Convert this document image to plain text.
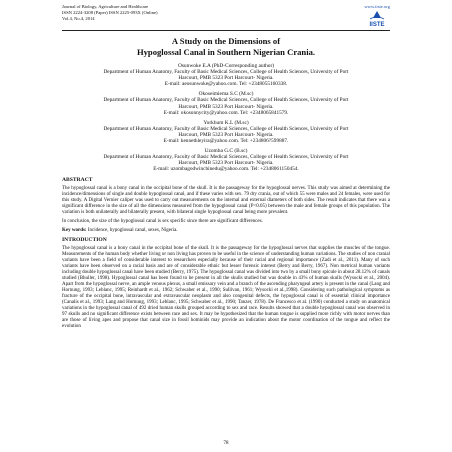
Journal of Biology, Agriculture and Healthcare
ISSN 2224-3208 (Paper) ISSN 2225-093X (Online)
Vol.4, No.4, 2014
www.iiste.org
IISTE
A Study on the Dimensions of
Hypoglossal Canal in Southern Nigerian Crania.
Osunwoke E.A (PhD-Corresponding author)
Department of Human Anatomy, Faculty of Basic Medical Sciences, College of Health Sciences, University of Port
Harcourt, PMB 5323 Port Harcourt- Nigeria.
E-mail: aeosunwoke@yahoo.com. Tel: +2348055160338.
Okoseimiema S.C (M.sc)
Department of Human Anatomy, Faculty of Basic Medical Sciences, College of Health Sciences, University of Port
Harcourt, PMB 5323 Port Harcourt- Nigeria.
E-mail: okosonnycity@yahoo.com. Tel: +2348065841579.
Yorkhum K.L (M.sc)
Department of Human Anatomy, Faculty of Basic Medical Sciences, College of Health Sciences, University of Port
Harcourt, PMB 5323 Port Harcourt- Nigeria.
E-mail: kennethleyira@yahoo.com. Tel: +234806?599887.
Uzomba G.C (B.sc)
Department of Human Anatomy, Faculty of Basic Medical Sciences, College of Health Sciences, University of Port
Harcourt, PMB 5323 Port Harcourt- Nigeria.
E-mail: uzombagodwinchinedu@yahoo.com. Tel: +2348061150454.
ABSTRACT

The hypoglossal canal is a bony canal in the occipital bone of the skull. It is the passageway for the hypoglossal nerves. This study was aimed at determining the incidence/dimensions of single and double hypoglossal canal, and if these varies with sex. 79 dry crania, out of which 55 were males and 24 females, were used for this study. A Digital Vernier caliper was used to carry out measurements on the internal and external diameters of both sides. The result indicates that there was a significant difference in the size of all the dimensions measured from the hypoglossal canal (P<0.05) between the male and female groups of this population. The variation is both unilaterally and bilaterally present, with bilateral single hypoglossal canal being more prevalent.

In conclusion, the size of the hypoglossal canal is sex specific since there are significant differences.

Key words: Incidence, hypoglossal canal, sexes, Nigeria.

INTRODUCTION

The hypoglossal canal is a bony canal in the occipital bone of the skull. It is the passageway for the hypoglossal nerves that supplies the muscles of the tongue. Measurements of the human body whether living or non living has proven to be useful in the science of understanding human variations. The studies of non cranial variants have been a field of considerable interest to researchers especially because of their racial and regional importance (Zadi et al., 2011). Many of such variants have been observed on a racial basis and are of considerable ethnic but lesser forensic interest (Berry and Berry, 1967). Non metrical human variants including double hypoglossal canal have been studied (Berry, 1975). The hypoglossal canal was divided into two by a small bony spicule in about 28.12% of canals studied (Bhuller, 1998). Hypoglossal canal has been found to be present in all the skulls studied but was double in 43% of human skulls (Wysocki et al., 2004). Apart from the hypoglossal nerve, an ample venous plexus, a small emissary vein and a branch of the ascending pharyngeal artery is present in the canal (Lang and Hornung, 1993; Leblanc, 1995; Reinhardt et al., 1962; Schwaber et al., 1990; Sullivan, 1961; Wysocki et al.,1998). Considering such pathological symptoms as fracture of the occipital bone, intravascular and extravascular neoplasm and also congenital defects, the hypoglossal canal is of essential clinical importance (Canalis et al., 1993; Lang and Hornung, 1993; Leblanc, 1995; Schwaber et al., 1990; Tanzer, 1978). De Francesco et al. (1990) conducted a study on anatomical variations in the hypoglossal canal of 492 dried human skulls grouped according to sex and race. Results showed that a double hypoglossal canal was observed in 97 skulls and no significant difference exists between race and sex. It may be hypothesized that the human tongue is supplied more richly with motor nerves than are those of living apes and propose that canal size in fossil hominids may provide an indication about the motor coordination of the tongue and reflect the evolution

78
